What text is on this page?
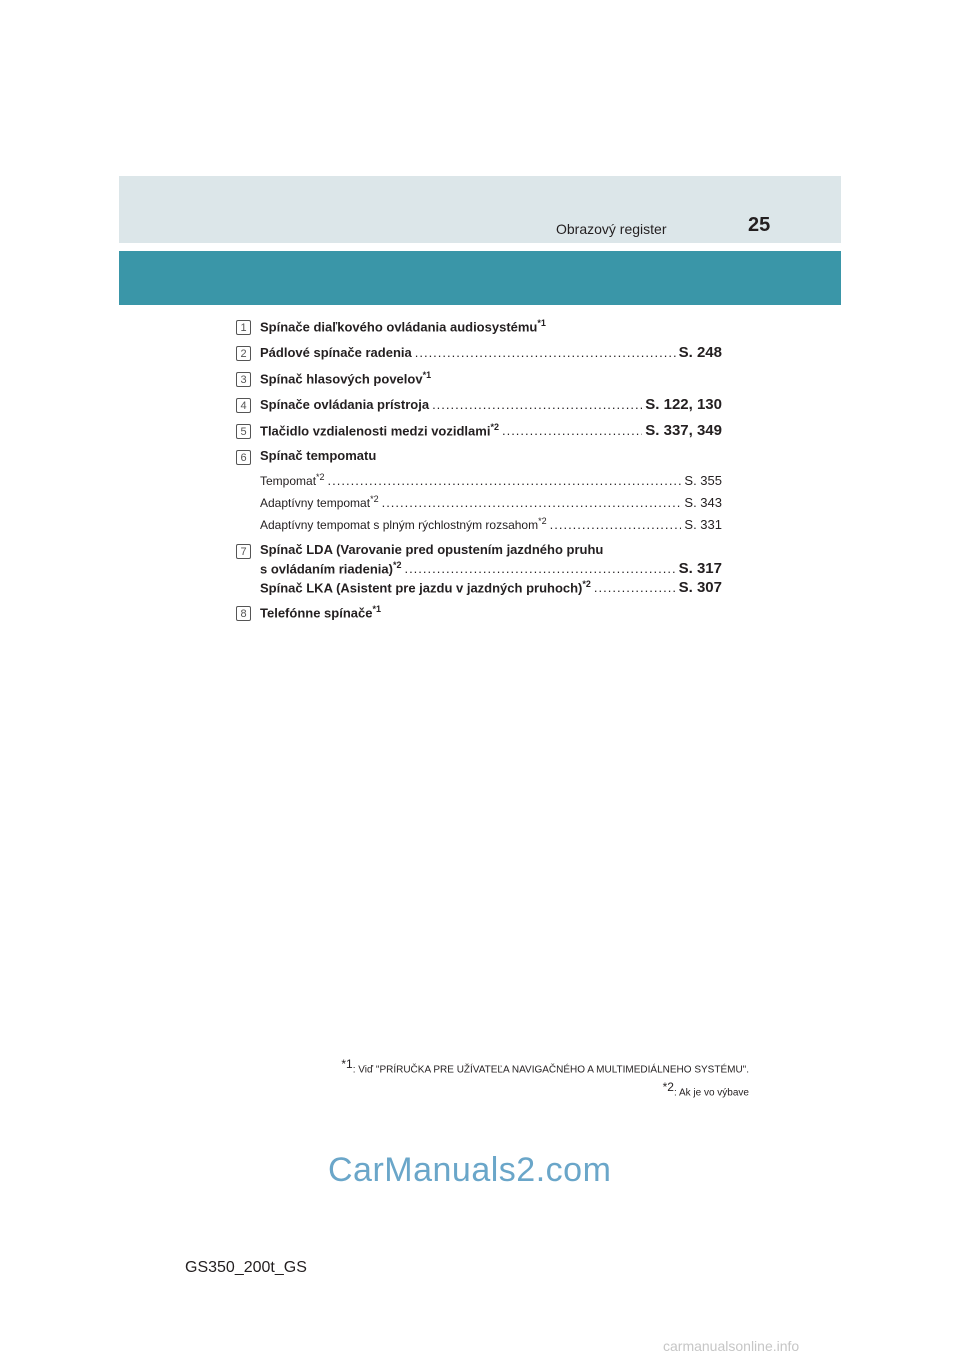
Obrazový register	25
1	Spínače diaľkového ovládania audiosystému$^{*1}$
2	Pádlové spínače radenia .....	S. 248
3	Spínač hlasových povelov$^{*1}$
4	Spínače ovládania prístroja .....	S. 122, 130
5	Tlačidlo vzdialenosti medzi vozidlami$^{*2}$ .....	S. 337, 349
6	Spínač tempomatu
Tempomat$^{*2}$ .....	S. 355
Adaptívny tempomat$^{*2}$ .....	S. 343
Adaptívny tempomat s plným rýchlostným rozsahom$^{*2}$ .....	S. 331
7	Spínač LDA (Varovanie pred opustením jazdného pruhu
s ovládaním riadenia)$^{*2}$ .....	S. 317
Spínač LKA (Asistent pre jazdu v jazdných pruhoch)$^{*2}$ .....	S. 307
8	Telefónne spínače$^{*1}$
$^{*1}$: Viď "PRÍRUČKA PRE UŽÍVATEĽA NAVIGAČNÉHO A MULTIMEDIÁLNEHO SYSTÉMU".
$^{*2}$: Ak je vo výbave
CarManuals2.com
GS350_200t_GS
carmanualsonline.info
